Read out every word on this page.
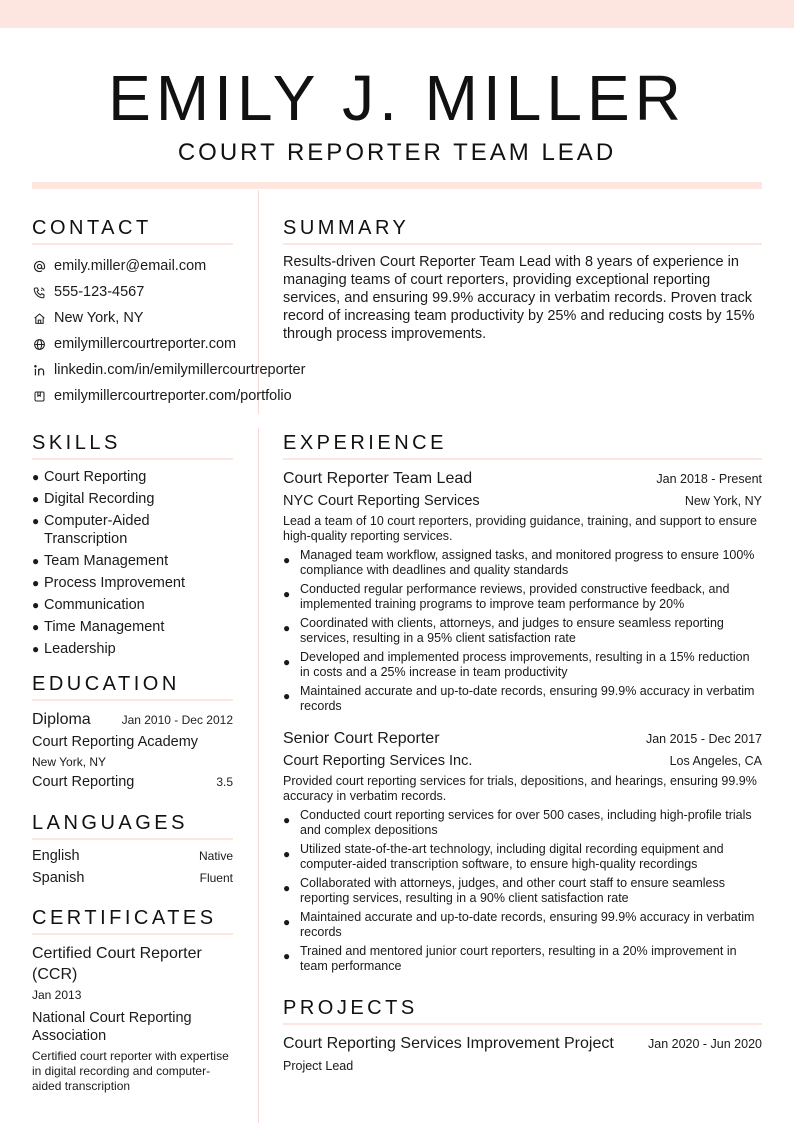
EMILY J. MILLER
COURT REPORTER TEAM LEAD
CONTACT
emily.miller@email.com
555-123-4567
New York, NY
emilymillercourtreporter.com
linkedin.com/in/emilymillercourtreporter
emilymillercourtreporter.com/portfolio
SUMMARY

Results-driven Court Reporter Team Lead with 8 years of experience in managing teams of court reporters, providing exceptional reporting services, and ensuring 99.9% accuracy in verbatim records. Proven track record of increasing team productivity by 25% and reducing costs by 15% through process improvements.

SKILLS
● Court Reporting
● Digital Recording
● Computer-Aided Transcription
● Team Management
● Process Improvement
● Communication
● Time Management
● Leadership
EDUCATION
Diploma	Jan 2010 - Dec 2012
Court Reporting Academy
New York, NY
Court Reporting	3.5
LANGUAGES
English	Native
Spanish	Fluent
CERTIFICATES
Certified Court Reporter (CCR)
Jan 2013
National Court Reporting Association
Certified court reporter with expertise in digital recording and computer-aided transcription
EXPERIENCE
Court Reporter Team Lead	Jan 2018 - Present
NYC Court Reporting Services	New York, NY
Lead a team of 10 court reporters, providing guidance, training, and support to ensure high-quality reporting services.
● Managed team workflow, assigned tasks, and monitored progress to ensure 100% compliance with deadlines and quality standards
● Conducted regular performance reviews, provided constructive feedback, and implemented training programs to improve team performance by 20%
● Coordinated with clients, attorneys, and judges to ensure seamless reporting services, resulting in a 95% client satisfaction rate
● Developed and implemented process improvements, resulting in a 15% reduction in costs and a 25% increase in team productivity
● Maintained accurate and up-to-date records, ensuring 99.9% accuracy in verbatim records
Senior Court Reporter	Jan 2015 - Dec 2017
Court Reporting Services Inc.	Los Angeles, CA
Provided court reporting services for trials, depositions, and hearings, ensuring 99.9% accuracy in verbatim records.
● Conducted court reporting services for over 500 cases, including high-profile trials and complex depositions
● Utilized state-of-the-art technology, including digital recording equipment and computer-aided transcription software, to ensure high-quality recordings
● Collaborated with attorneys, judges, and other court staff to ensure seamless reporting services, resulting in a 90% client satisfaction rate
● Maintained accurate and up-to-date records, ensuring 99.9% accuracy in verbatim records
● Trained and mentored junior court reporters, resulting in a 20% improvement in team performance
PROJECTS
Court Reporting Services Improvement Project	Jan 2020 - Jun 2020
Project Lead
